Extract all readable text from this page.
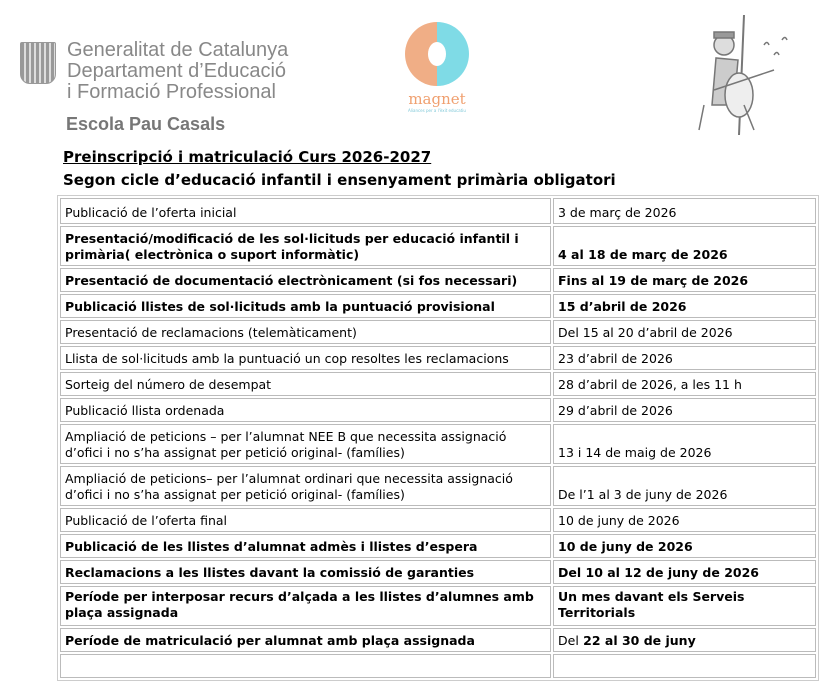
Generalitat de Catalunya
Departament d’Educació
i Formació Professional
Escola Pau Casals
magnet
Aliances per a l'èxit educatiu
Preinscripció i matriculació Curs 2026-2027
Segon cicle d’educació infantil i ensenyament primària obligatori
Publicació de l’oferta inicial	3 de març de 2026
Presentació/modificació de les sol·licituds per educació infantil i primària( electrònica o suport informàtic)	4 al 18 de març de 2026
Presentació de documentació electrònicament (si fos necessari)	Fins al 19 de març de 2026
Publicació llistes de sol·licituds amb la puntuació provisional	15 d’abril de 2026
Presentació de reclamacions (telemàticament)	Del 15 al 20 d’abril de 2026
Llista de sol·licituds amb la puntuació un cop resoltes les reclamacions	23 d’abril de 2026
Sorteig del número de desempat	28 d’abril de 2026, a les 11 h
Publicació llista ordenada	29 d’abril de 2026
Ampliació de peticions – per l’alumnat NEE B que necessita assignació d’ofici i no s’ha assignat per petició original- (famílies)	13 i 14 de maig de 2026
Ampliació de peticions– per l’alumnat ordinari que necessita assignació d’ofici i no s’ha assignat per petició original- (famílies)	De l’1 al 3 de juny de 2026
Publicació de l’oferta final	10 de juny de 2026
Publicació de les llistes d’alumnat admès i llistes d’espera	10 de juny de 2026
Reclamacions a les llistes davant la comissió de garanties	Del 10 al 12 de juny de 2026
Període per interposar recurs d’alçada a les llistes d’alumnes amb plaça assignada	Un mes davant els Serveis Territorials
Període de matriculació per alumnat amb plaça assignada	Del 22 al 30 de juny
